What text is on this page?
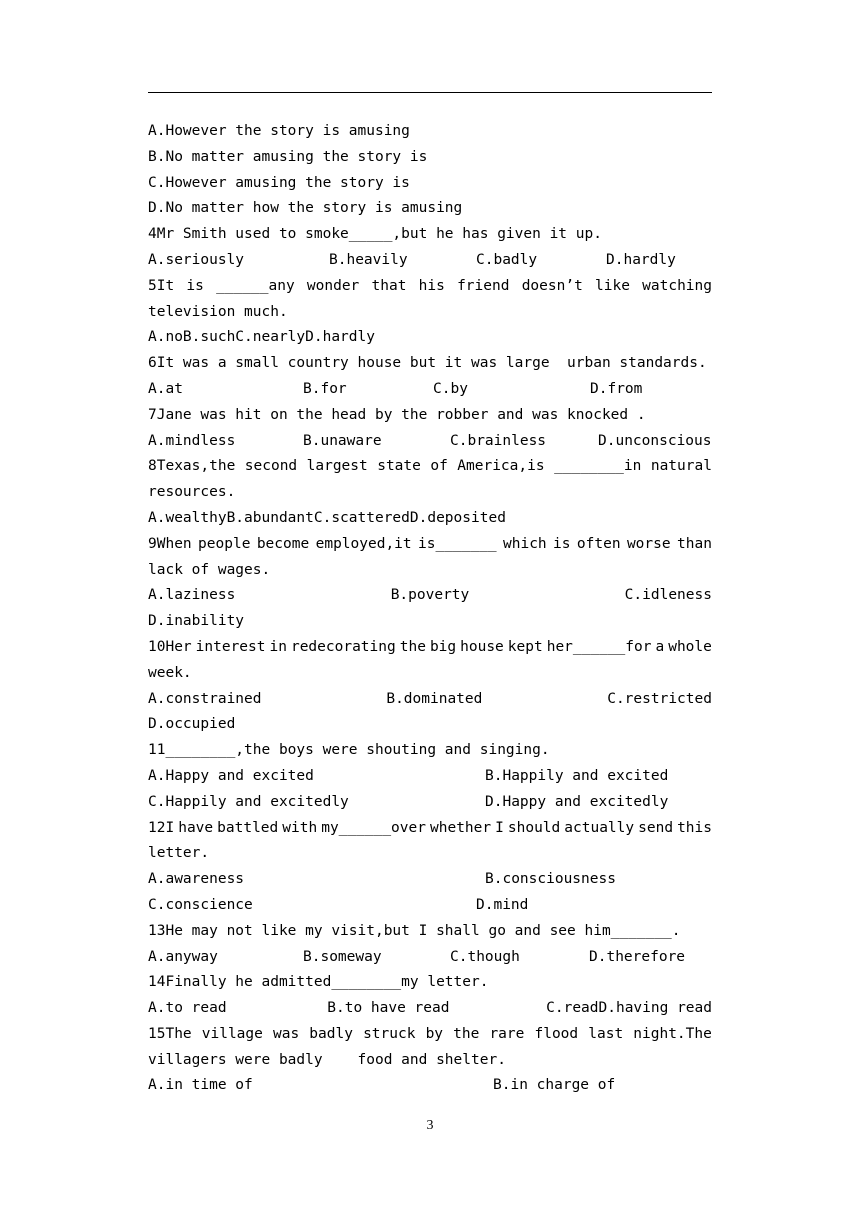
A.However the story is amusing
B.No matter amusing the story is
C.However amusing the story is
D.No matter how the story is amusing
4Mr Smith used to smoke_____,but he has given it up.
A.seriously	B.heavily	C.badly	D.hardly
5It is ______any wonder that his friend doesn’t like watching
television much.
A.noB.suchC.nearlyD.hardly
6It was a small country house but it was large  urban standards.
A.at	B.for	C.by	D.from
7Jane was hit on the head by the robber and was knocked .
A.mindless	B.unaware	C.brainless	D.unconscious
8Texas,the second largest state of America,is ________in natural
resources.
A.wealthyB.abundantC.scatteredD.deposited
9When people become employed,it is_______ which is often worse than
lack of wages.
A.laziness	B.poverty	C.idleness
D.inability
10Her interest in redecorating the big house kept her______for a whole
week.
A.constrained	B.dominated	C.restricted
D.occupied
11________,the boys were shouting and singing.
A.Happy and excited	B.Happily and excited
C.Happily and excitedly	D.Happy and excitedly
12I have battled with my______over whether I should actually send this
letter.
A.awareness	B.consciousness
C.conscience	D.mind
13He may not like my visit,but I shall go and see him_______.
A.anyway	B.someway	C.though	D.therefore
14Finally he admitted________my letter.
A.to read	B.to have read	C.readD.having read
15The village was badly struck by the rare flood last night.The
villagers were badly    food and shelter.
A.in time of	B.in charge of
3
